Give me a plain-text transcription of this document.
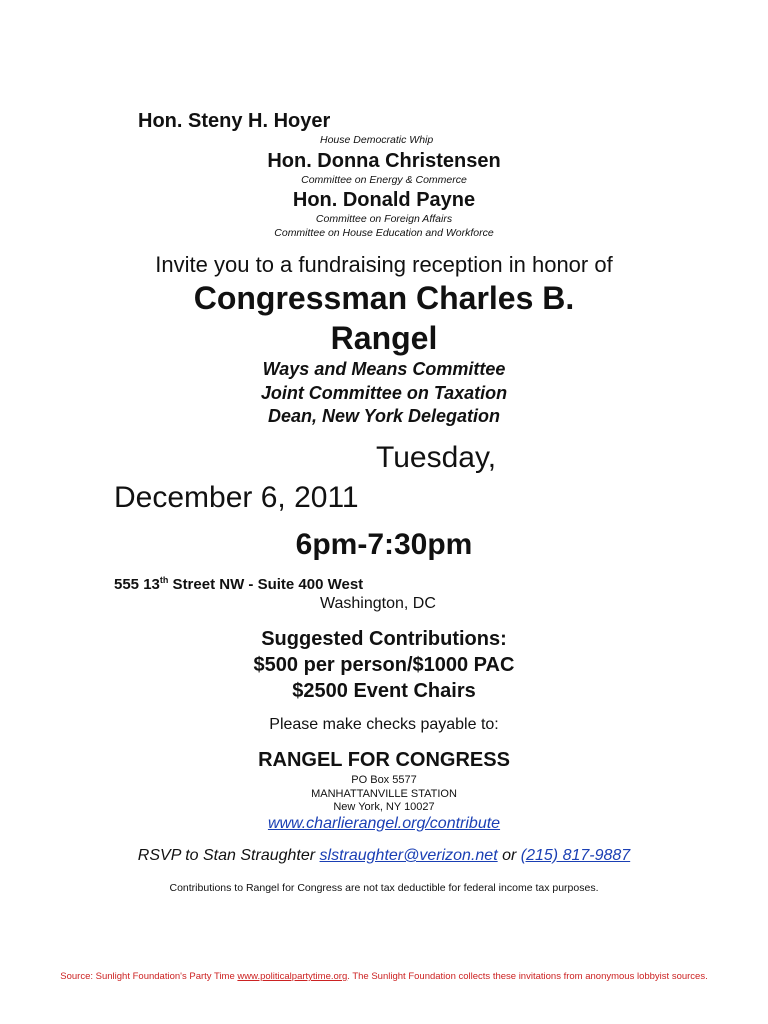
Hon. Steny H. Hoyer
House Democratic Whip
Hon. Donna Christensen
Committee on Energy & Commerce
Hon. Donald Payne
Committee on Foreign Affairs
Committee on House Education and Workforce
Invite you to a fundraising reception in honor of
Congressman Charles B.
Rangel
Ways and Means Committee
Joint Committee on Taxation
Dean, New York Delegation
Tuesday,
December 6, 2011
6pm-7:30pm
555 13th Street NW - Suite 400 West
Washington, DC
Suggested Contributions:
$500 per person/$1000 PAC
$2500 Event Chairs
Please make checks payable to:
RANGEL FOR CONGRESS
PO Box 5577
MANHATTANVILLE STATION
New York, NY 10027
www.charlierangel.org/contribute
RSVP to Stan Straughter slstraughter@verizon.net or (215) 817-9887
Contributions to Rangel for Congress are not tax deductible for federal income tax purposes.
Source: Sunlight Foundation's Party Time www.politicalpartytime.org. The Sunlight Foundation collects these invitations from anonymous lobbyist sources.
